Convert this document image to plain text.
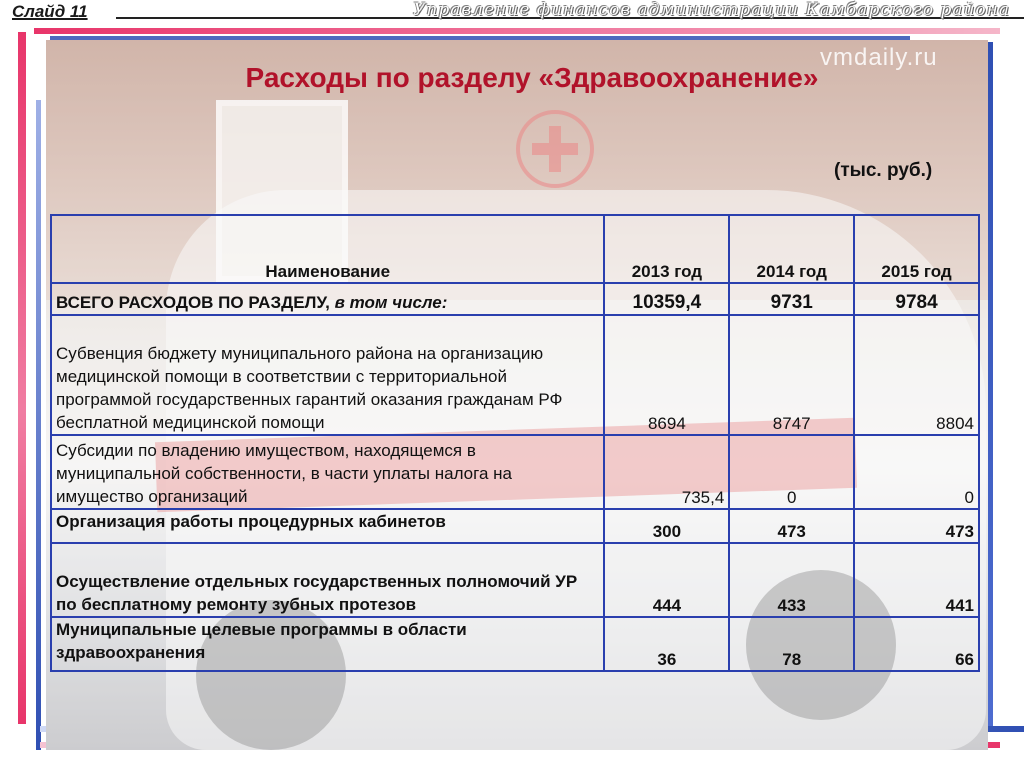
vmdaily.ru
Слайд 11	Управление финансов администрации Камбарского района
Расходы по разделу «Здравоохранение»
(тыс. руб.)
Наименование	2013 год	2014 год	2015 год
ВСЕГО РАСХОДОВ ПО РАЗДЕЛУ, в том числе:	10359,4	9731	9784
Субвенция бюджету муниципального района на организацию медицинской помощи в соответствии с территориальной программой государственных гарантий оказания гражданам РФ бесплатной медицинской помощи	8694	8747	8804
Субсидии по владению имуществом, находящемся в муниципальной собственности, в части уплаты налога на имущество организаций	735,4	0	0
Организация работы процедурных кабинетов	300	473	473
Осуществление отдельных государственных полномочий УР по бесплатному ремонту зубных протезов	444	433	441
Муниципальные целевые программы в области здравоохранения	36	78	66
